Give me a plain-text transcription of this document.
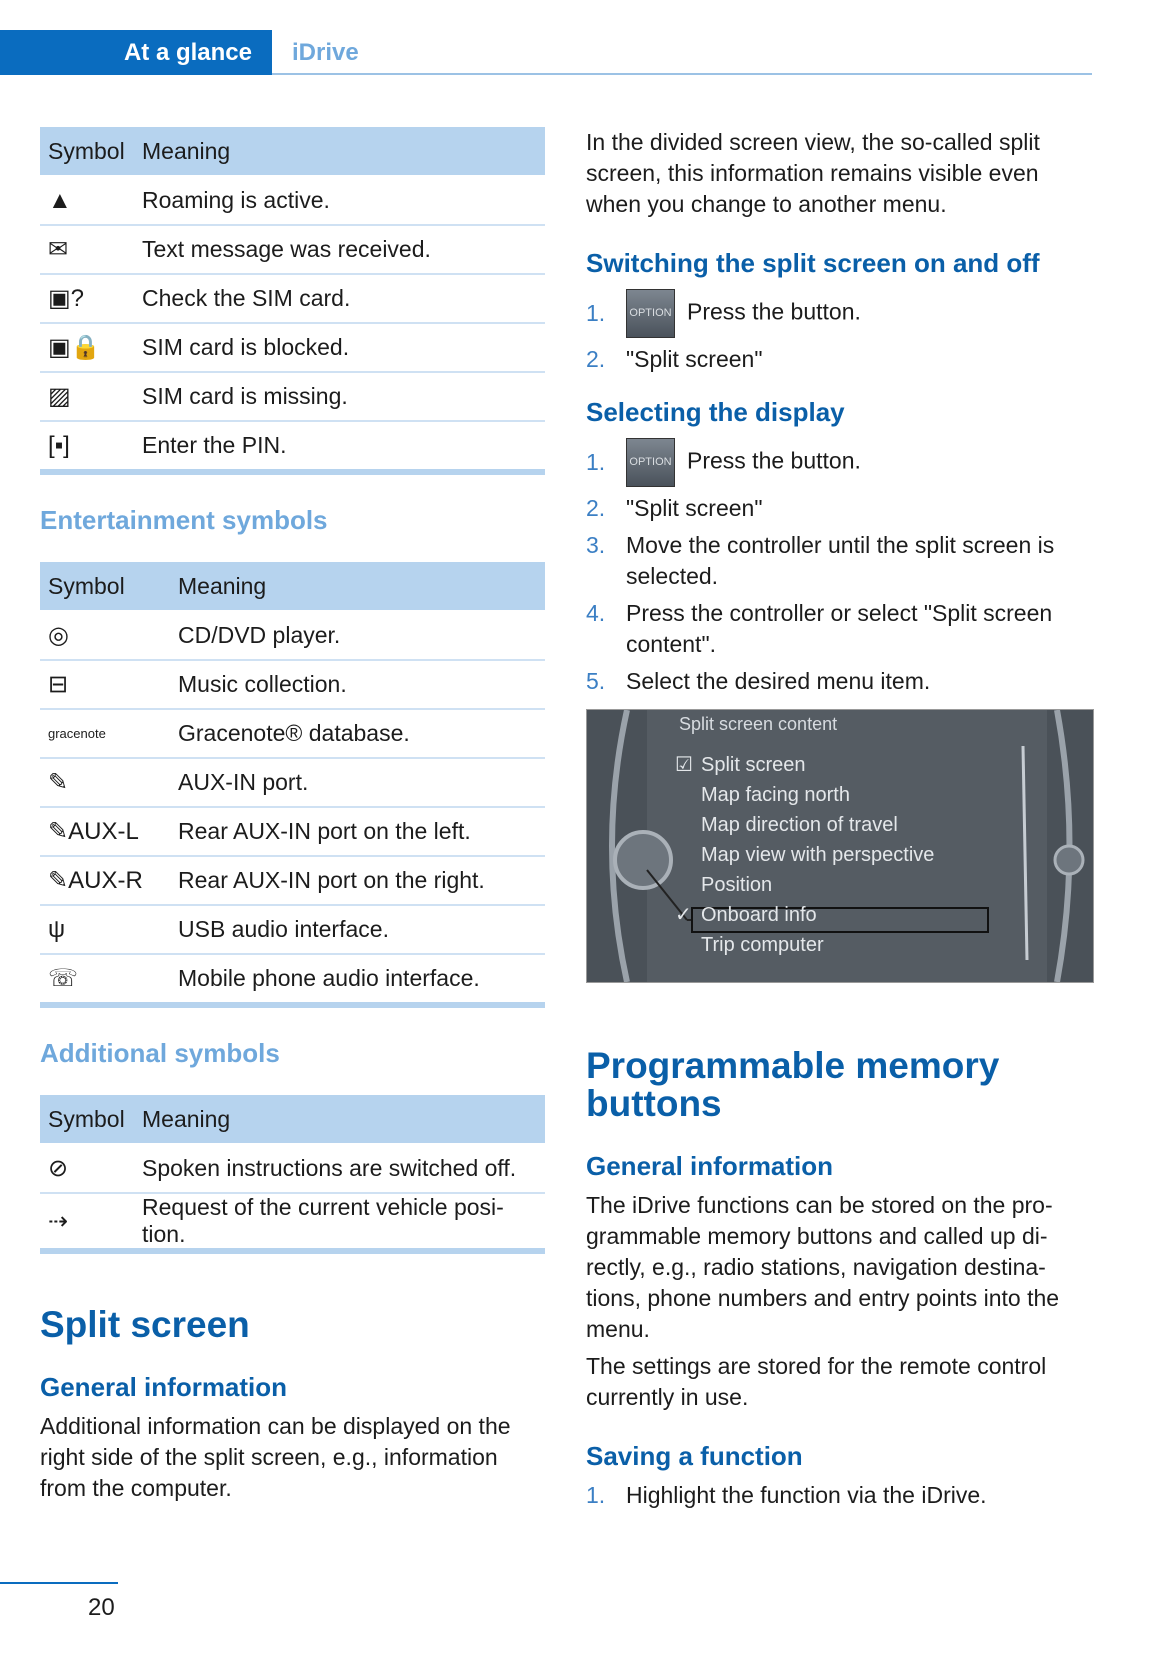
At a glance	iDrive
Symbol	Meaning
▲	Roaming is active.
✉	Text message was received.
▣?	Check the SIM card.
▣🔒	SIM card is blocked.
▨	SIM card is missing.
[▪]	Enter the PIN.
Entertainment symbols
Symbol	Meaning
◎	CD/DVD player.
⊟	Music collection.
gracenote	Gracenote® database.
✎	AUX-IN port.
✎AUX-L	Rear AUX-IN port on the left.
✎AUX-R	Rear AUX-IN port on the right.
ψ	USB audio interface.
☏	Mobile phone audio interface.
Additional symbols
Symbol	Meaning
⊘	Spoken instructions are switched off.
⇢	Request of the current vehicle posi- tion.
Split screen
General information

Additional information can be displayed on the right side of the split screen, e.g., information from the computer.

In the divided screen view, the so-called split screen, this information remains visible even when you change to another menu.

Switching the split screen on and off
1.	OPTION Press the button.
2. "Split screen"
Selecting the display
1.	OPTION Press the button.
2. "Split screen"
3. Move the controller until the split screen is selected.
4. Press the controller or select "Split screen content".
5. Select the desired menu item.
Split screen content
☑ Split screen
Map facing north
Map direction of travel
Map view with perspective
Position
✓ Onboard info
Trip computer
Programmable memory buttons
General information

The iDrive functions can be stored on the pro- grammable memory buttons and called up di- rectly, e.g., radio stations, navigation destina- tions, phone numbers and entry points into the menu.

The settings are stored for the remote control currently in use.

Saving a function
1. Highlight the function via the iDrive.
20
